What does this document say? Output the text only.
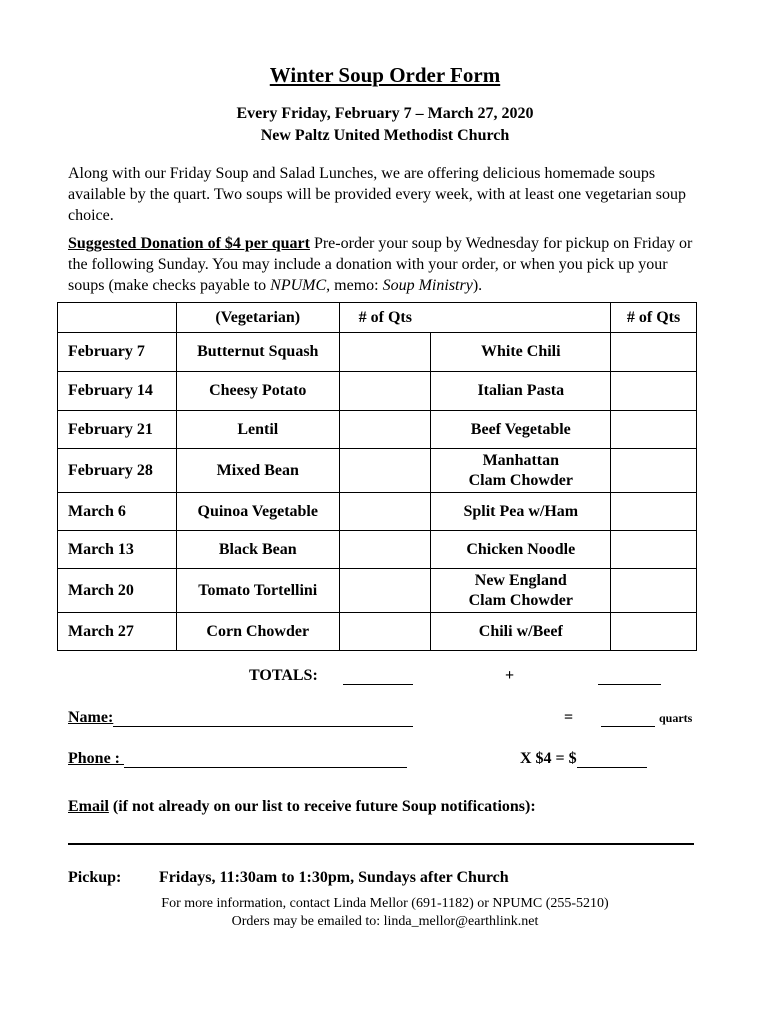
Winter Soup Order Form
Every Friday, February 7 – March 27, 2020
New Paltz United Methodist Church
Along with our Friday Soup and Salad Lunches, we are offering delicious homemade soups available by the quart. Two soups will be provided every week, with at least one vegetarian soup choice.
Suggested Donation of $4 per quart Pre-order your soup by Wednesday for pickup on Friday or the following Sunday. You may include a donation with your order, or when you pick up your soups (make checks payable to NPUMC, memo: Soup Ministry).
	(Vegetarian)	# of Qts		# of Qts
February 7	Butternut Squash		White Chili	
February 14	Cheesy Potato		Italian Pasta	
February 21	Lentil		Beef Vegetable	
February 28	Mixed Bean		Manhattan
Clam Chowder	
March 6	Quinoa Vegetable		Split Pea w/Ham	
March 13	Black Bean		Chicken Noodle	
March 20	Tomato Tortellini		New England
Clam Chowder	
March 27	Corn Chowder		Chili w/Beef	
TOTALS:	+
Name:	=	quarts
Phone :	X $4 = $
Email (if not already on our list to receive future Soup notifications):
Pickup: Fridays, 11:30am to 1:30pm, Sundays after Church
For more information, contact Linda Mellor (691-1182) or NPUMC (255-5210)
Orders may be emailed to: linda_mellor@earthlink.net
